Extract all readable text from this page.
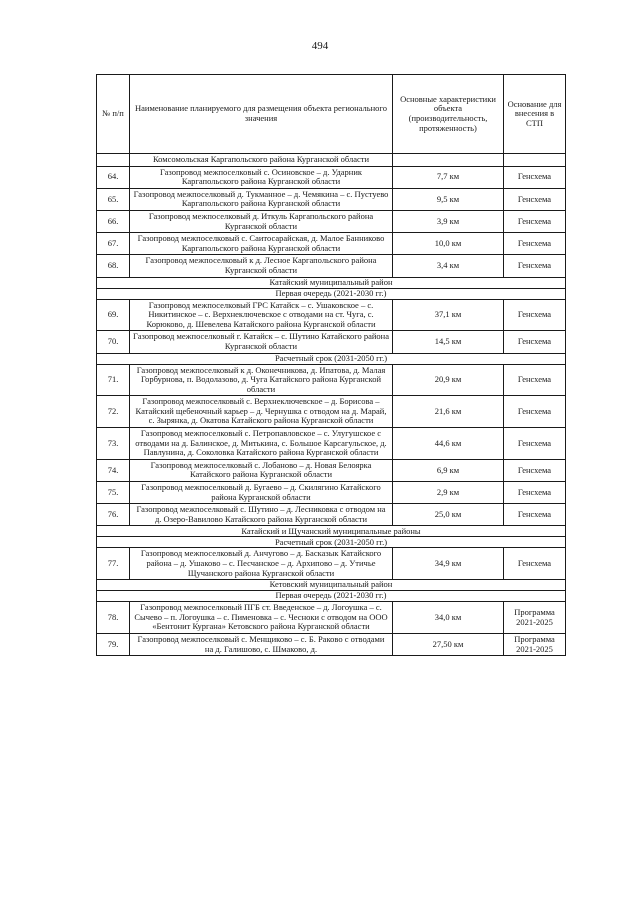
494
№ п/п	Наименование планируемого для размещения объекта регионального значения	Основные характеристики объекта (производительность, протяженность)	Основание для внесения в СТП
	Комсомольская Каргапольского района Курганской области		
64.	Газопровод межпоселковый с. Осиновское – д. Ударник Каргапольского района Курганской области	7,7 км	Генсхема
65.	Газопровод межпоселковый д. Тукманное – д. Чемякина – с. Пустуево Каргапольского района Курганской области	9,5 км	Генсхема
66.	Газопровод межпоселковый д. Иткуль Каргапольского района Курганской области	3,9 км	Генсхема
67.	Газопровод межпоселковый с. Саитосарайская, д. Малое Банниково Каргапольского района Курганской области	10,0 км	Генсхема
68.	Газопровод межпоселковый к д. Лесное Каргапольского района Курганской области	3,4 км	Генсхема
Катайский муниципальный район			
Первая очередь (2021-2030 гг.)			
69.	Газопровод межпоселковый ГРС Катайск – с. Ушаковское – с. Никитинское – с. Верхнеключевское с отводами на ст. Чуга, с. Корюково, д. Шевелева Катайского района Курганской области	37,1 км	Генсхема
70.	Газопровод межпоселковый г. Катайск – с. Шутино Катайского района Курганской области	14,5 км	Генсхема
Расчетный срок (2031-2050 гг.)			
71.	Газопровод межпоселковый к д. Оконечникова, д. Ипатова, д. Малая Горбурнова, п. Водолазово, д. Чуга Катайского района Курганской области	20,9 км	Генсхема
72.	Газопровод межпоселковый с. Верхнеключевское – д. Борисова – Катайский щебеночный карьер – д. Чернушка с отводом на д. Марай, с. Зырянка, д. Окатова Катайского района Курганской области	21,6 км	Генсхема
73.	Газопровод межпоселковый с. Петропавловское – с. Улугушское с отводами на д. Балинское, д. Митькина, с. Большое Карсагульское, д. Павлунина, д. Соколовка Катайского района Курганской области	44,6 км	Генсхема
74.	Газопровод межпоселковый с. Лобаново – д. Новая Белоярка Катайского района Курганской области	6,9 км	Генсхема
75.	Газопровод межпоселковый д. Бугаево – д. Скилягино Катайского района Курганской области	2,9 км	Генсхема
76.	Газопровод межпоселковый с. Шутино – д. Лесниковка с отводом на д. Озеро-Вавилово Катайского района Курганской области	25,0 км	Генсхема
Катайский и Щучанский муниципальные районы			
Расчетный срок (2031-2050 гг.)			
77.	Газопровод межпоселковый д. Анчугово – д. Басказык Катайского района – д. Ушаково – с. Песчанское – д. Архипово – д. Утичье Щучанского района Курганской области	34,9 км	Генсхема
Кетовский муниципальный район			
Первая очередь (2021-2030 гг.)			
78.	Газопровод межпоселковый ПГБ ст. Введенское – д. Логоушка – с. Сычево – п. Логоушка – с. Пименовка – с. Чесноки с отводом на ООО «Бентонит Кургана» Кетовского района Курганской области	34,0 км	Программа 2021-2025
79.	Газопровод межпоселковый с. Менщиково – с. Б. Раково с отводами на д. Галишово, с. Шмаково, д.	27,50 км	Программа 2021-2025
